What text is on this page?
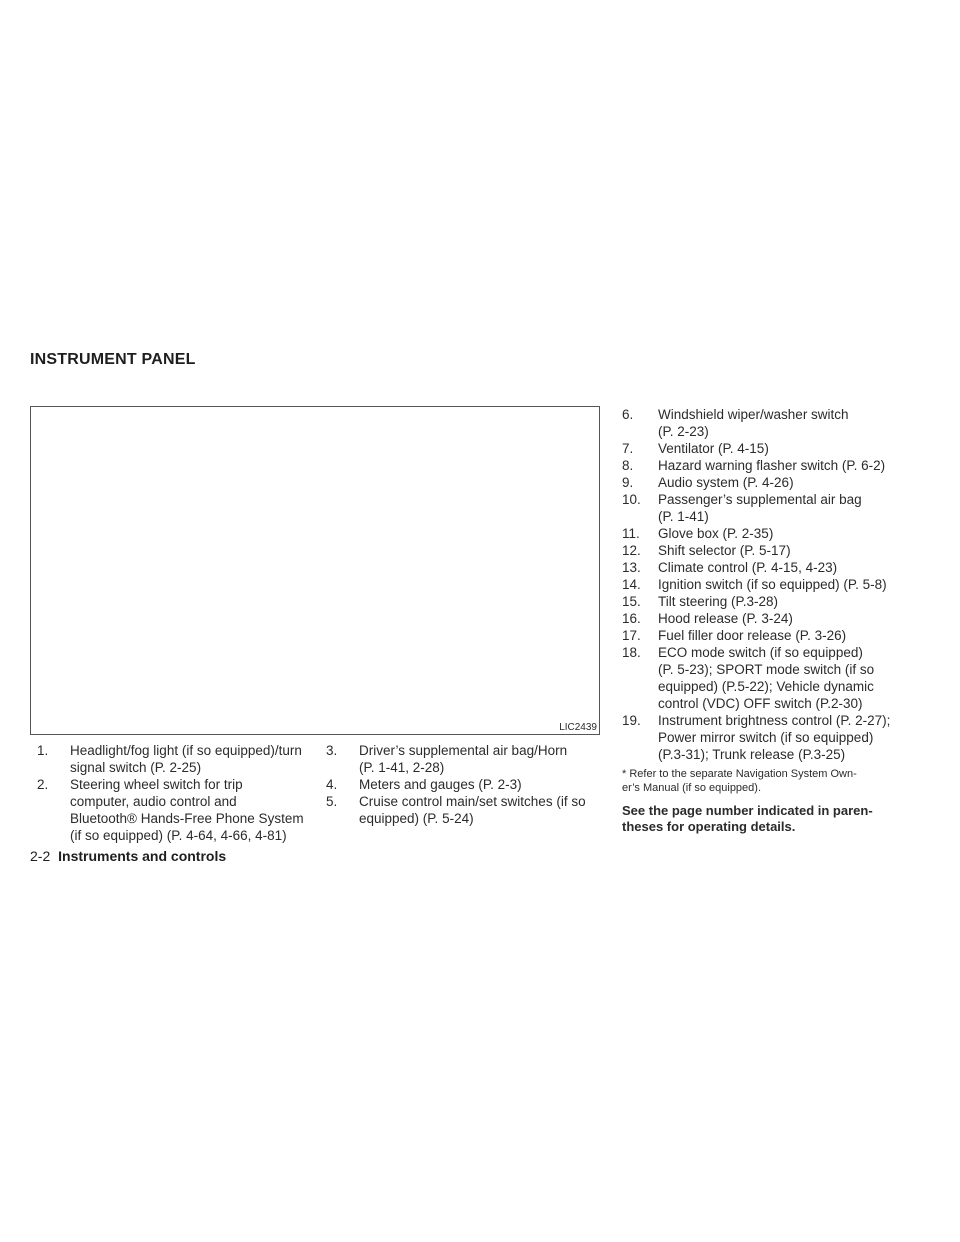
INSTRUMENT PANEL
LIC2439
1.	Headlight/fog light (if so equipped)/turn
signal switch (P. 2-25)
2.	Steering wheel switch for trip
computer, audio control and
Bluetooth® Hands-Free Phone System
(if so equipped) (P. 4-64, 4-66, 4-81)
3.	Driver’s supplemental air bag/Horn
(P. 1-41, 2-28)
4.	Meters and gauges (P. 2-3)
5.	Cruise control main/set switches (if so
equipped) (P. 5-24)
6.	Windshield wiper/washer switch
(P. 2-23)
7.	Ventilator (P. 4-15)
8.	Hazard warning flasher switch (P. 6-2)
9.	Audio system (P. 4-26)
10.	Passenger’s supplemental air bag
(P. 1-41)
11.	Glove box (P. 2-35)
12.	Shift selector (P. 5-17)
13.	Climate control (P. 4-15, 4-23)
14.	Ignition switch (if so equipped) (P. 5-8)
15.	Tilt steering (P.3-28)
16.	Hood release (P. 3-24)
17.	Fuel filler door release (P. 3-26)
18.	ECO mode switch (if so equipped)
(P. 5-23); SPORT mode switch (if so
equipped) (P.5-22); Vehicle dynamic
control (VDC) OFF switch (P.2-30)
19.	Instrument brightness control (P. 2-27);
Power mirror switch (if so equipped)
(P.3-31); Trunk release (P.3-25)
* Refer to the separate Navigation System Own-
er’s Manual (if so equipped).
See the page number indicated in paren-
theses for operating details.
2-2 Instruments and controls
